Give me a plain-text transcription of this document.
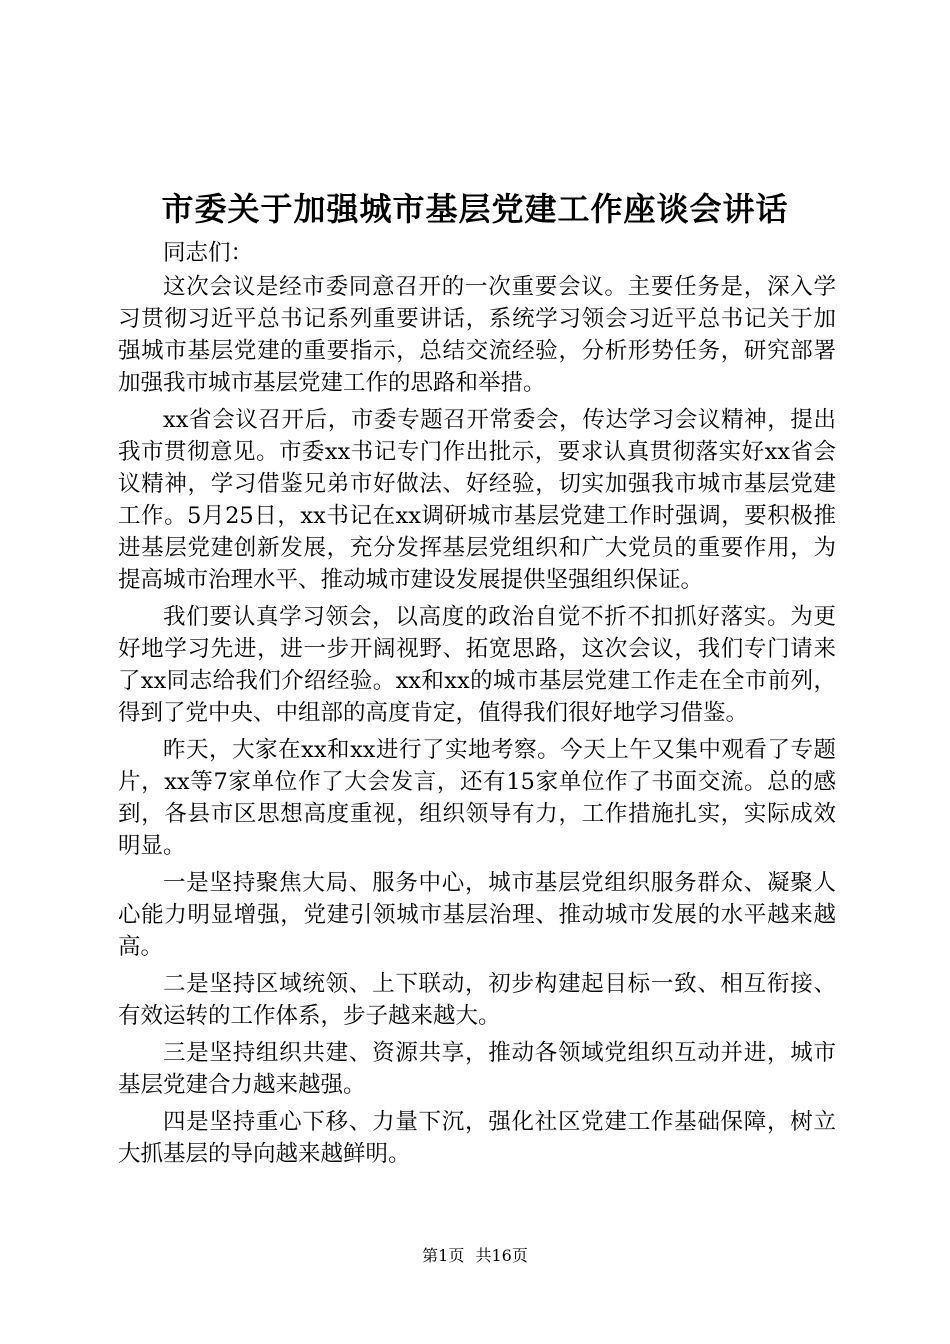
市委关于加强城市基层党建工作座谈会讲话

同志们：

这次会议是经市委同意召开的一次重要会议。主要任务是，深入学习贯彻习近平总书记系列重要讲话，系统学习领会习近平总书记关于加强城市基层党建的重要指示，总结交流经验，分析形势任务，研究部署加强我市城市基层党建工作的思路和举措。

xx省会议召开后，市委专题召开常委会，传达学习会议精神，提出我市贯彻意见。市委xx书记专门作出批示，要求认真贯彻落实好xx省会议精神，学习借鉴兄弟市好做法、好经验，切实加强我市城市基层党建工作。5月25日，xx书记在xx调研城市基层党建工作时强调，要积极推进基层党建创新发展，充分发挥基层党组织和广大党员的重要作用，为提高城市治理水平、推动城市建设发展提供坚强组织保证。

我们要认真学习领会，以高度的政治自觉不折不扣抓好落实。为更好地学习先进，进一步开阔视野、拓宽思路，这次会议，我们专门请来了xx同志给我们介绍经验。xx和xx的城市基层党建工作走在全市前列，得到了党中央、中组部的高度肯定，值得我们很好地学习借鉴。

昨天，大家在xx和xx进行了实地考察。今天上午又集中观看了专题片，xx等7家单位作了大会发言，还有15家单位作了书面交流。总的感到，各县市区思想高度重视，组织领导有力，工作措施扎实，实际成效明显。

一是坚持聚焦大局、服务中心，城市基层党组织服务群众、凝聚人心能力明显增强，党建引领城市基层治理、推动城市发展的水平越来越高。

二是坚持区域统领、上下联动，初步构建起目标一致、相互衔接、有效运转的工作体系，步子越来越大。

三是坚持组织共建、资源共享，推动各领域党组织互动并进，城市基层党建合力越来越强。

四是坚持重心下移、力量下沉，强化社区党建工作基础保障，树立大抓基层的导向越来越鲜明。

第1页 共16页
